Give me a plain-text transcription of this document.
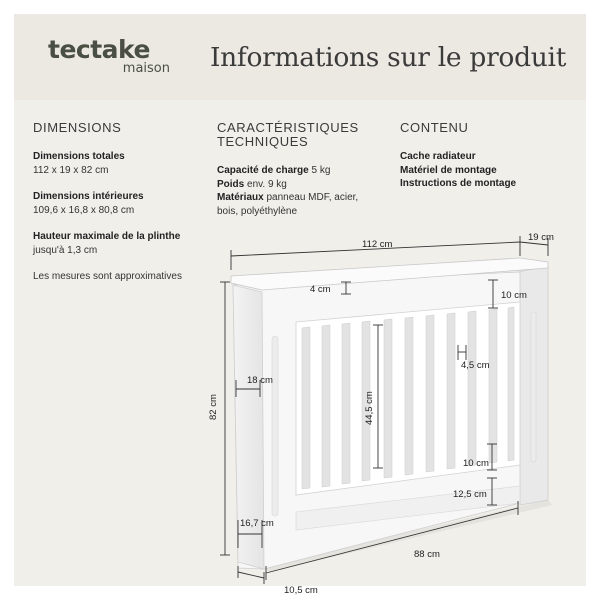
tectake
maison Informations sur le produit
DIMENSIONS
Dimensions totales
112 x 19 x 82 cm
Dimensions intérieures
109,6 x 16,8 x 80,8 cm
Hauteur maximale de la plinthe
jusqu'à 1,3 cm
Les mesures sont approximatives
CARACTÉRISTIQUES
TECHNIQUES
Capacité de charge 5 kg
Poids env. 9 kg
Matériaux panneau MDF, acier,
bois, polyéthylène
CONTENU
Cache radiateur
Matériel de montage
Instructions de montage
112 cm
19 cm
82 cm
4 cm
10 cm
4,5 cm
18 cm
44,5 cm
10 cm
12,5 cm
16,7 cm
88 cm
10,5 cm
